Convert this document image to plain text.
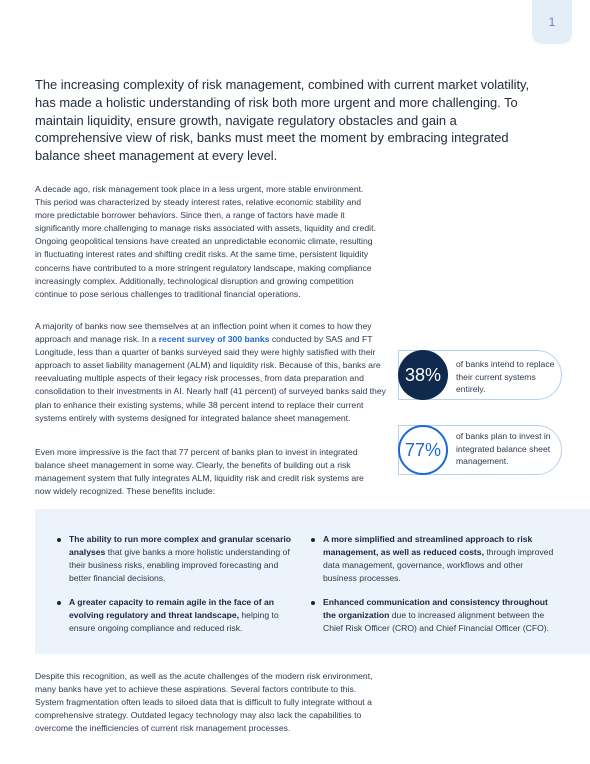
1

The increasing complexity of risk management, combined with current market volatility, has made a holistic understanding of risk both more urgent and more challenging. To maintain liquidity, ensure growth, navigate regulatory obstacles and gain a comprehensive view of risk, banks must meet the moment by embracing integrated balance sheet management at every level.

A decade ago, risk management took place in a less urgent, more stable environment. This period was characterized by steady interest rates, relative economic stability and more predictable borrower behaviors. Since then, a range of factors have made it significantly more challenging to manage risks associated with assets, liquidity and credit. Ongoing geopolitical tensions have created an unpredictable economic climate, resulting in fluctuating interest rates and shifting credit risks. At the same time, persistent liquidity concerns have contributed to a more stringent regulatory landscape, making compliance increasingly complex. Additionally, technological disruption and growing competition continue to pose serious challenges to traditional financial operations.

A majority of banks now see themselves at an inflection point when it comes to how they approach and manage risk. In a recent survey of 300 banks conducted by SAS and FT Longitude, less than a quarter of banks surveyed said they were highly satisfied with their approach to asset liability management (ALM) and liquidity risk. Because of this, banks are reevaluating multiple aspects of their legacy risk processes, from data preparation and consolidation to their investments in AI. Nearly half (41 percent) of surveyed banks said they plan to enhance their existing systems, while 38 percent intend to replace their current systems entirely with systems designed for integrated balance sheet management.

Even more impressive is the fact that 77 percent of banks plan to invest in integrated balance sheet management in some way. Clearly, the benefits of building out a risk management system that fully integrates ALM, liquidity risk and credit risk systems are now widely recognized. These benefits include:

38%
of banks intend to replace their current systems entirely.
77%
of banks plan to invest in integrated balance sheet management.
The ability to run more complex and granular scenario analyses that give banks a more holistic understanding of their business risks, enabling improved forecasting and better financial decisions.
A greater capacity to remain agile in the face of an evolving regulatory and threat landscape, helping to ensure ongoing compliance and reduced risk.
A more simplified and streamlined approach to risk management, as well as reduced costs, through improved data management, governance, workflows and other business processes.
Enhanced communication and consistency throughout the organization due to increased alignment between the Chief Risk Officer (CRO) and Chief Financial Officer (CFO).

Despite this recognition, as well as the acute challenges of the modern risk environment, many banks have yet to achieve these aspirations. Several factors contribute to this. System fragmentation often leads to siloed data that is difficult to fully integrate without a comprehensive strategy. Outdated legacy technology may also lack the capabilities to overcome the inefficiencies of current risk management processes.
